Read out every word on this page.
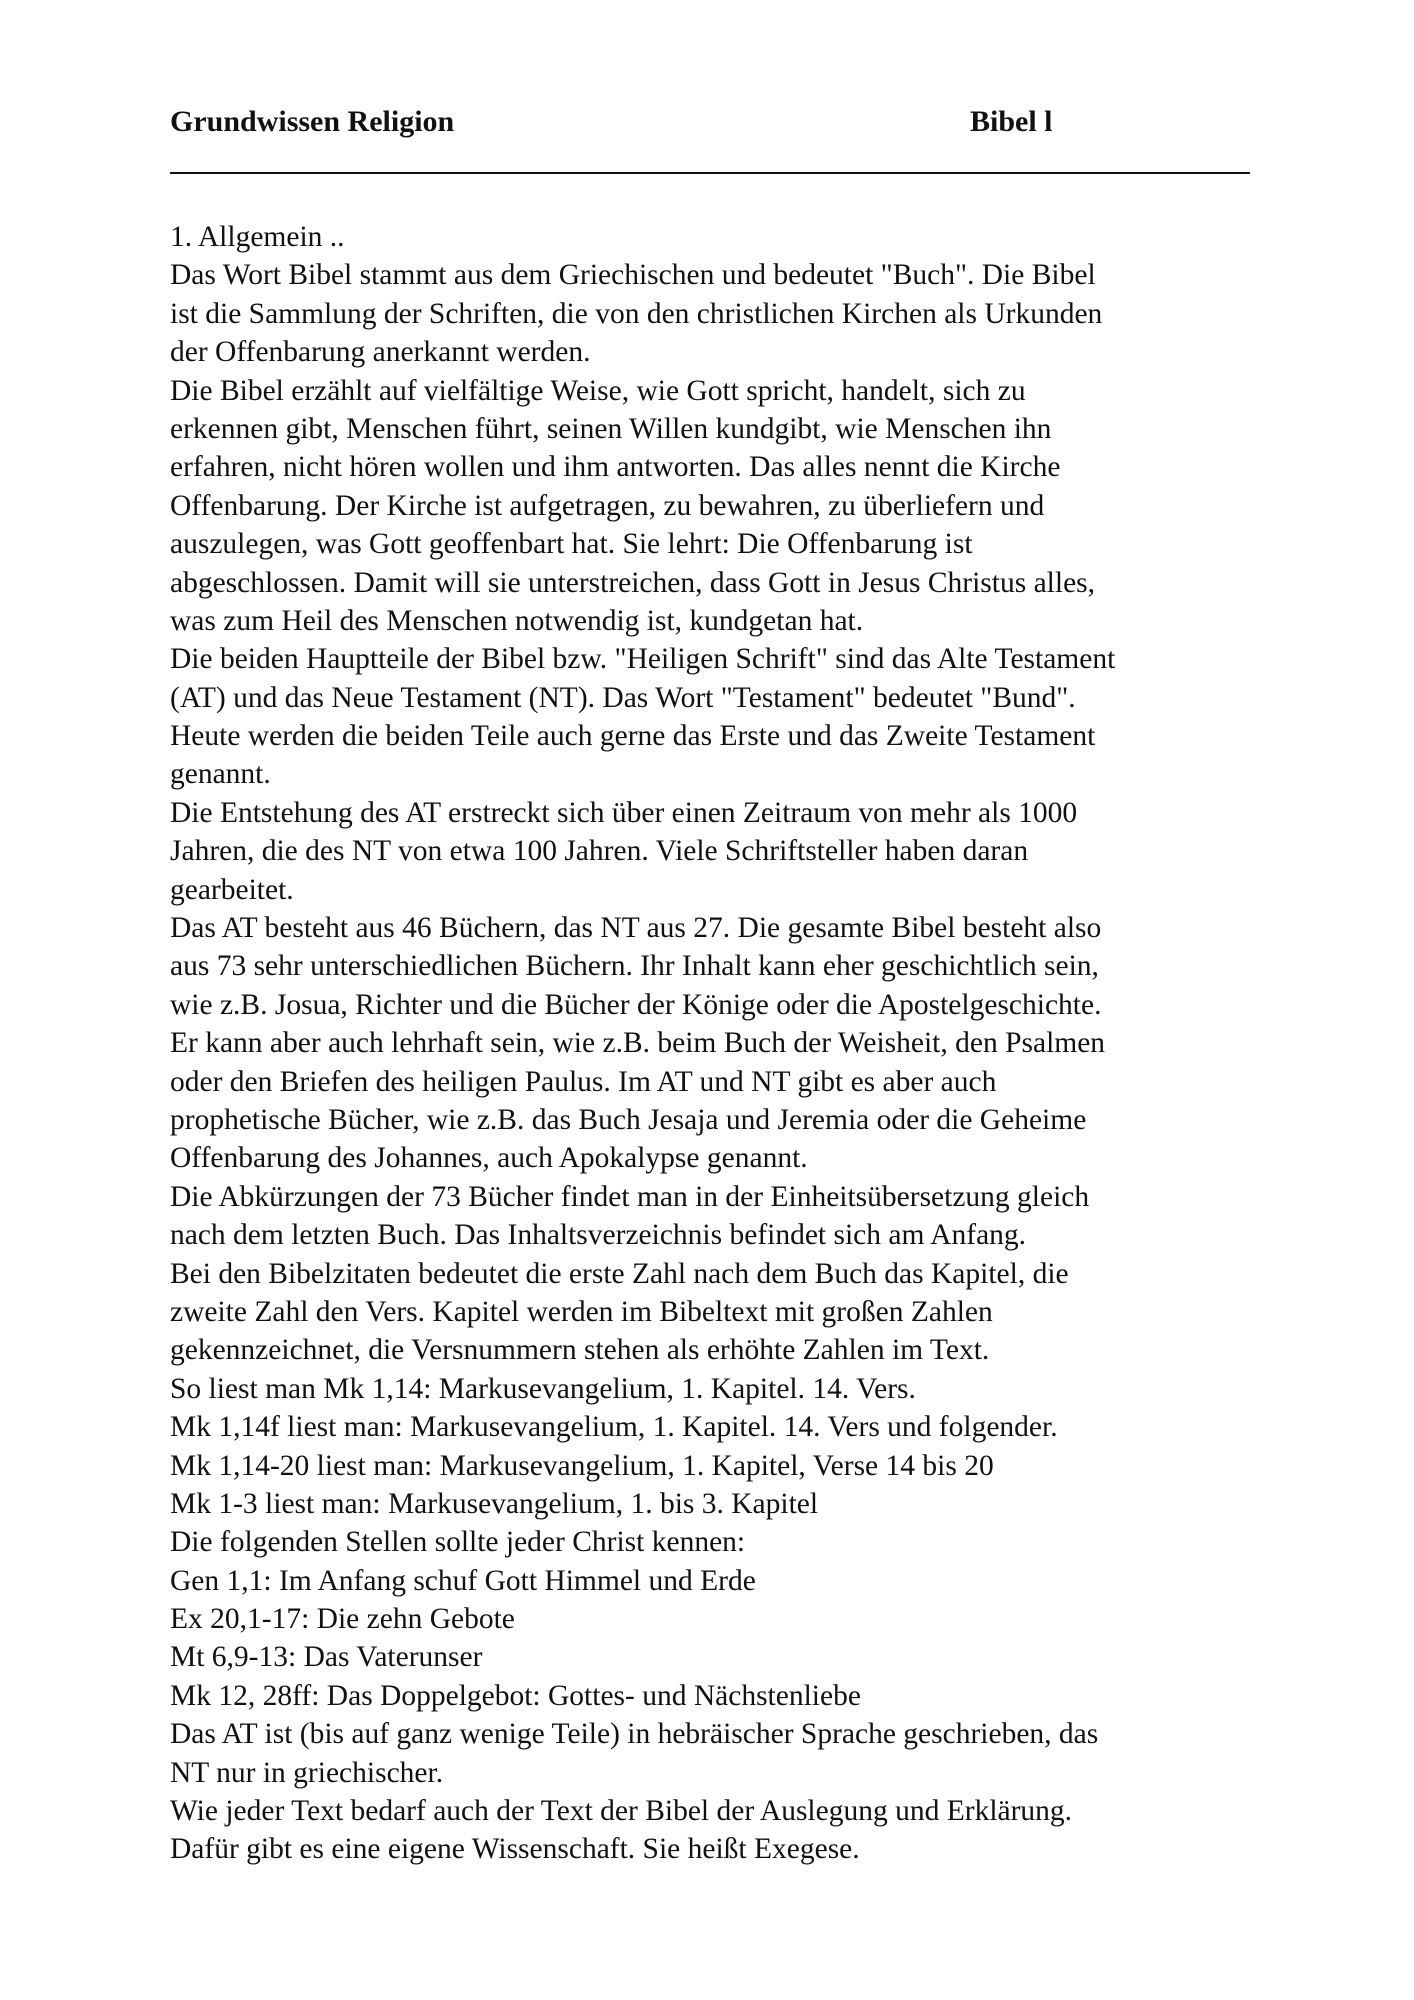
Grundwissen Religion	Bibel l
1. Allgemein ..
Das Wort Bibel stammt aus dem Griechischen und bedeutet "Buch". Die Bibel
ist die Sammlung der Schriften, die von den christlichen Kirchen als Urkunden
der Offenbarung anerkannt werden.
Die Bibel erzählt auf vielfältige Weise, wie Gott spricht, handelt, sich zu
erkennen gibt, Menschen führt, seinen Willen kundgibt, wie Menschen ihn
erfahren, nicht hören wollen und ihm antworten. Das alles nennt die Kirche
Offenbarung. Der Kirche ist aufgetragen, zu bewahren, zu überliefern und
auszulegen, was Gott geoffenbart hat. Sie lehrt: Die Offenbarung ist
abgeschlossen. Damit will sie unterstreichen, dass Gott in Jesus Christus alles,
was zum Heil des Menschen notwendig ist, kundgetan hat.
Die beiden Hauptteile der Bibel bzw. "Heiligen Schrift" sind das Alte Testament
(AT) und das Neue Testament (NT). Das Wort "Testament" bedeutet "Bund".
Heute werden die beiden Teile auch gerne das Erste und das Zweite Testament
genannt.
Die Entstehung des AT erstreckt sich über einen Zeitraum von mehr als 1000
Jahren, die des NT von etwa 100 Jahren. Viele Schriftsteller haben daran
gearbeitet.
Das AT besteht aus 46 Büchern, das NT aus 27. Die gesamte Bibel besteht also
aus 73 sehr unterschiedlichen Büchern. Ihr Inhalt kann eher geschichtlich sein,
wie z.B. Josua, Richter und die Bücher der Könige oder die Apostelgeschichte.
Er kann aber auch lehrhaft sein, wie z.B. beim Buch der Weisheit, den Psalmen
oder den Briefen des heiligen Paulus. Im AT und NT gibt es aber auch
prophetische Bücher, wie z.B. das Buch Jesaja und Jeremia oder die Geheime
Offenbarung des Johannes, auch Apokalypse genannt.
Die Abkürzungen der 73 Bücher findet man in der Einheitsübersetzung gleich
nach dem letzten Buch. Das Inhaltsverzeichnis befindet sich am Anfang.
Bei den Bibelzitaten bedeutet die erste Zahl nach dem Buch das Kapitel, die
zweite Zahl den Vers. Kapitel werden im Bibeltext mit großen Zahlen
gekennzeichnet, die Versnummern stehen als erhöhte Zahlen im Text.
So liest man Mk 1,14: Markusevangelium, 1. Kapitel. 14. Vers.
Mk 1,14f liest man: Markusevangelium, 1. Kapitel. 14. Vers und folgender.
Mk 1,14-20 liest man: Markusevangelium, 1. Kapitel, Verse 14 bis 20
Mk 1-3 liest man: Markusevangelium, 1. bis 3. Kapitel
Die folgenden Stellen sollte jeder Christ kennen:
Gen 1,1: Im Anfang schuf Gott Himmel und Erde
Ex 20,1-17: Die zehn Gebote
Mt 6,9-13: Das Vaterunser
Mk 12, 28ff: Das Doppelgebot: Gottes- und Nächstenliebe
Das AT ist (bis auf ganz wenige Teile) in hebräischer Sprache geschrieben, das
NT nur in griechischer.
Wie jeder Text bedarf auch der Text der Bibel der Auslegung und Erklärung.
Dafür gibt es eine eigene Wissenschaft. Sie heißt Exegese.
